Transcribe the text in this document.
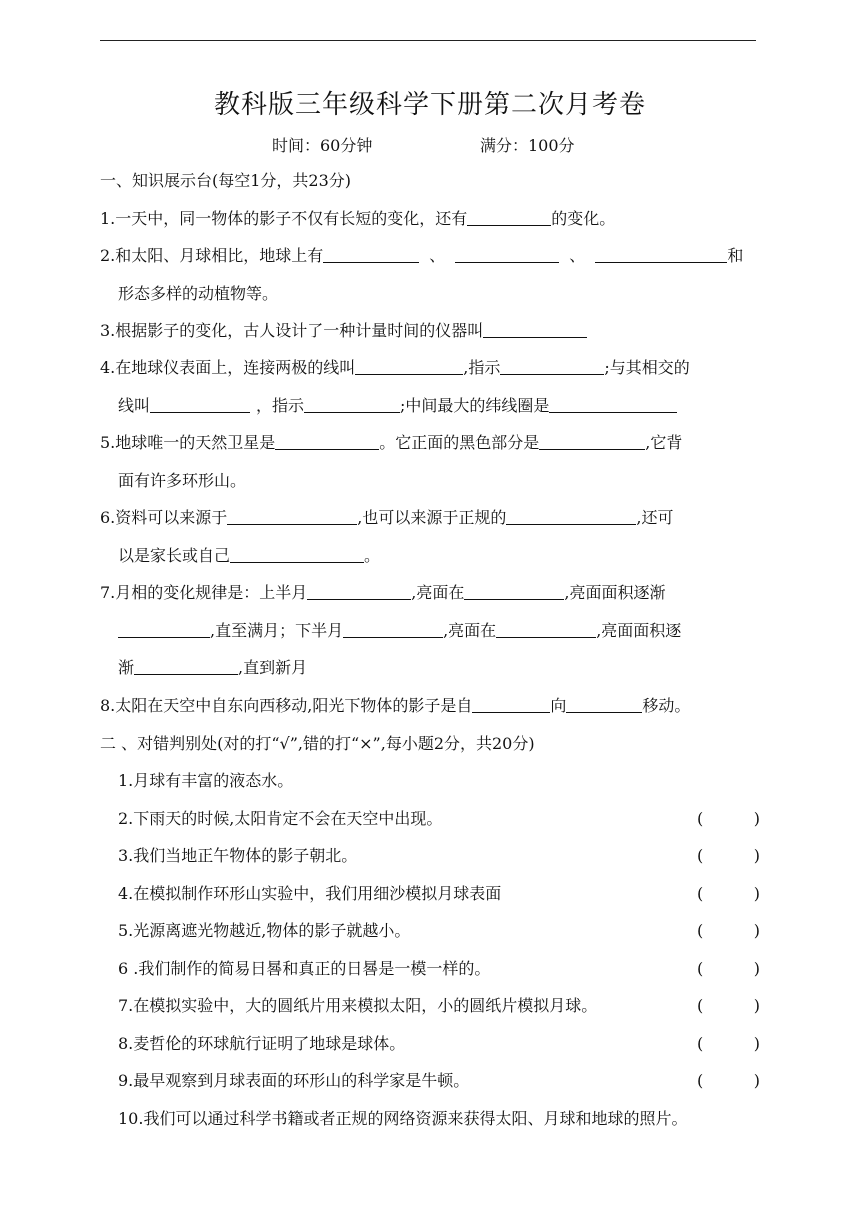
教科版三年级科学下册第二次月考卷
时间：60分钟	满分：100分
一、知识展示台(每空1分，共23分)
1.一天中，同一物体的影子不仅有长短的变化，还有	的变化。
2.和太阳、月球相比，地球上有	、	、	和
形态多样的动植物等。
3.根据影子的变化，古人设计了一种计量时间的仪器叫
4.在地球仪表面上，连接两极的线叫	,指示	;与其相交的
线叫	，指示	;中间最大的纬线圈是
5.地球唯一的天然卫星是	。它正面的黑色部分是	,它背
面有许多环形山。
6.资料可以来源于	,也可以来源于正规的	,还可
以是家长或自己	。
7.月相的变化规律是：上半月	,亮面在	,亮面面积逐渐
,直至满月；下半月	,亮面在	,亮面面积逐
渐	,直到新月
8.太阳在天空中自东向西移动,阳光下物体的影子是自	向	移动。
二 、对错判别处(对的打“√”,错的打“×”,每小题2分，共20分)
1.月球有丰富的液态水。
2.下雨天的时候,太阳肯定不会在天空中出现。	(	)
3.我们当地正午物体的影子朝北。	(	)
4.在模拟制作环形山实验中，我们用细沙模拟月球表面	(	)
5.光源离遮光物越近,物体的影子就越小。	(	)
6 .我们制作的简易日晷和真正的日晷是一模一样的。	(	)
7.在模拟实验中，大的圆纸片用来模拟太阳，小的圆纸片模拟月球。	(	)
8.麦哲伦的环球航行证明了地球是球体。	(	)
9.最早观察到月球表面的环形山的科学家是牛顿。	(	)
10.我们可以通过科学书籍或者正规的网络资源来获得太阳、月球和地球的照片。
